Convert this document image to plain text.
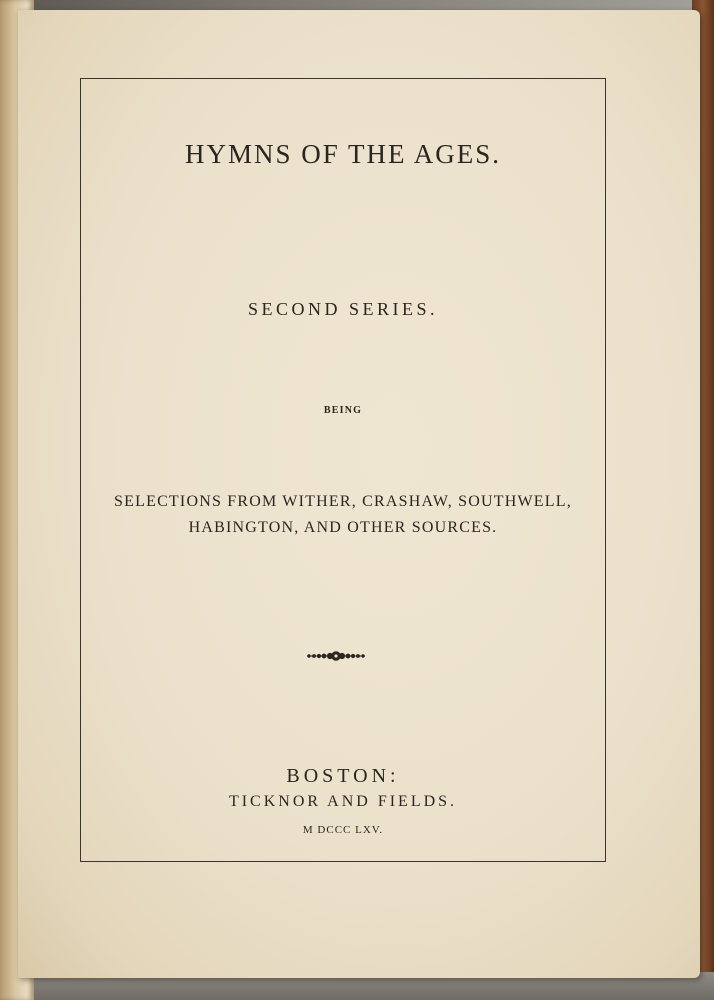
HYMNS OF THE AGES.
SECOND SERIES.
BEING
SELECTIONS FROM WITHER, CRASHAW, SOUTHWELL,
HABINGTON, AND OTHER SOURCES.
BOSTON:
TICKNOR AND FIELDS.
M DCCC LXV.
